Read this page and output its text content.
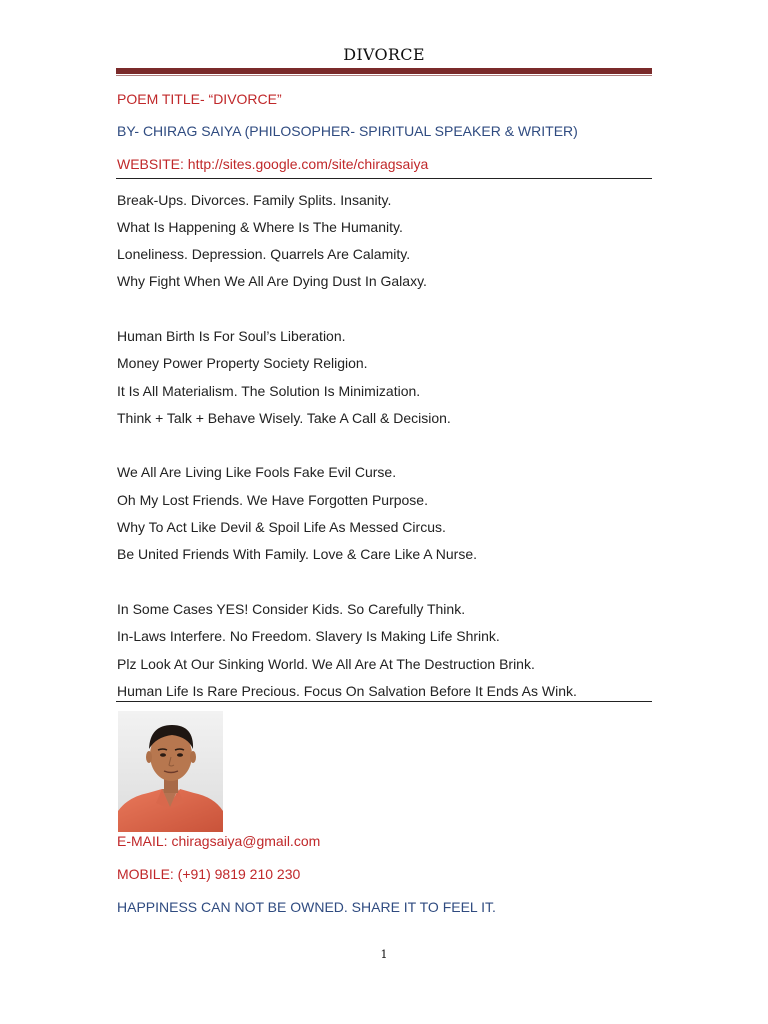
DIVORCE
POEM TITLE- “DIVORCE”
BY- CHIRAG SAIYA (PHILOSOPHER- SPIRITUAL SPEAKER & WRITER)
WEBSITE: http://sites.google.com/site/chiragsaiya
Break-Ups. Divorces. Family Splits. Insanity.
What Is Happening & Where Is The Humanity.
Loneliness. Depression. Quarrels Are Calamity.
Why Fight When We All Are Dying Dust In Galaxy.
Human Birth Is For Soul’s Liberation.
Money Power Property Society Religion.
It Is All Materialism. The Solution Is Minimization.
Think + Talk + Behave Wisely. Take A Call & Decision.
We All Are Living Like Fools Fake Evil Curse.
Oh My Lost Friends. We Have Forgotten Purpose.
Why To Act Like Devil & Spoil Life As Messed Circus.
Be United Friends With Family. Love & Care Like A Nurse.
In Some Cases YES! Consider Kids. So Carefully Think.
In-Laws Interfere. No Freedom. Slavery Is Making Life Shrink.
Plz Look At Our Sinking World. We All Are At The Destruction Brink.
Human Life Is Rare Precious. Focus On Salvation Before It Ends As Wink.
E-MAIL: chiragsaiya@gmail.com
MOBILE: (+91) 9819 210 230
HAPPINESS CAN NOT BE OWNED. SHARE IT TO FEEL IT.
1
